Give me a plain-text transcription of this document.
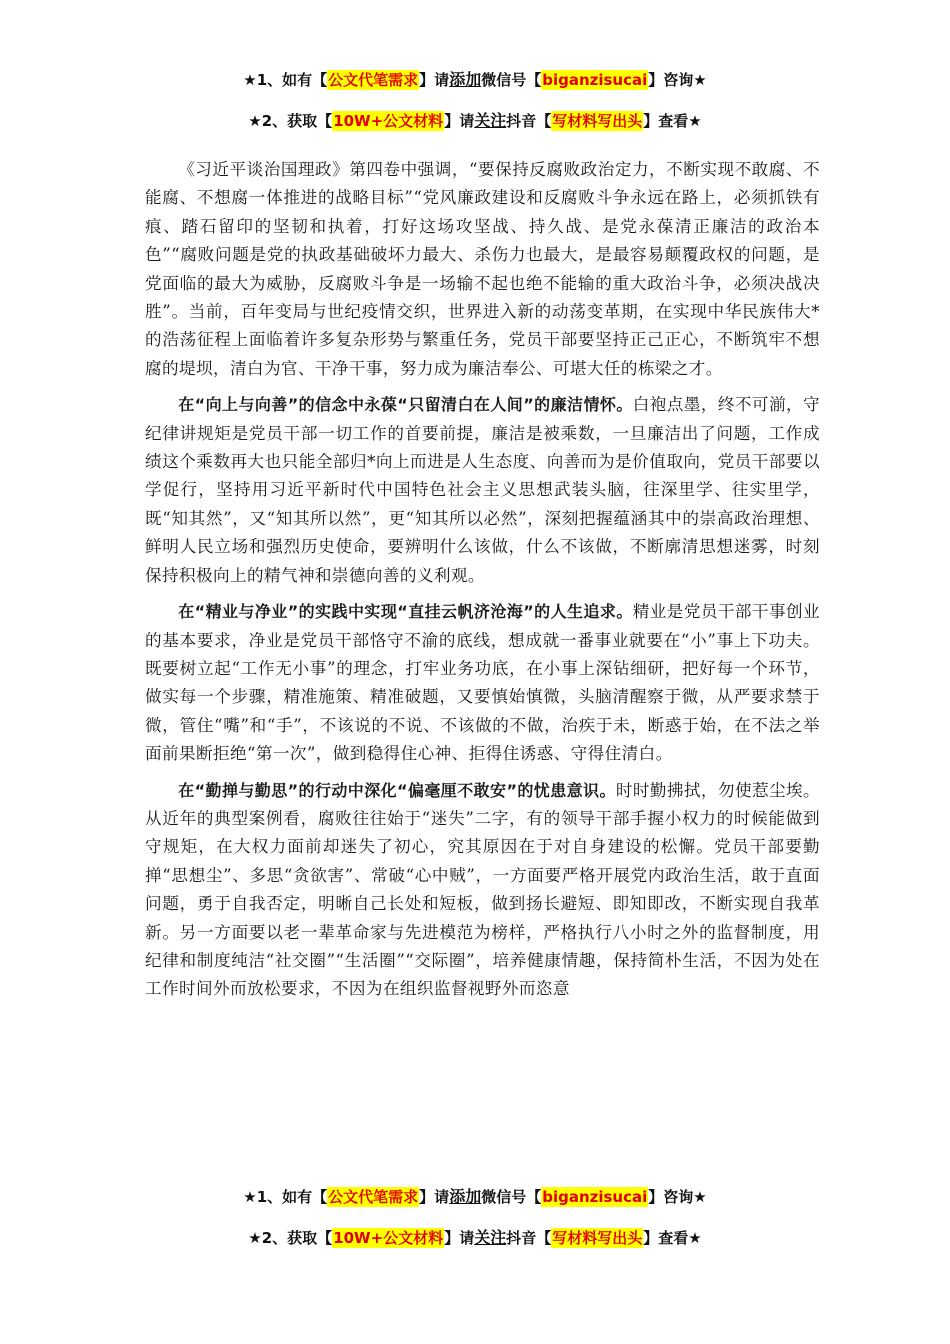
★1、如有【公文代笔需求】请添加微信号【biganzisucai】咨询★
★2、获取【10W+公文材料】请关注抖音【写材料写出头】查看★

《习近平谈治国理政》第四卷中强调，“要保持反腐败政治定力，不断实现不敢腐、不能腐、不想腐一体推进的战略目标”“党风廉政建设和反腐败斗争永远在路上，必须抓铁有痕、踏石留印的坚韧和执着，打好这场攻坚战、持久战、是党永葆清正廉洁的政治本色”“腐败问题是党的执政基础破坏力最大、杀伤力也最大，是最容易颠覆政权的问题，是党面临的最大为威胁，反腐败斗争是一场输不起也绝不能输的重大政治斗争，必须决战决胜”。当前，百年变局与世纪疫情交织，世界进入新的动荡变革期，在实现中华民族伟大*的浩荡征程上面临着许多复杂形势与繁重任务，党员干部要坚持正己正心，不断筑牢不想腐的堤坝，清白为官、干净干事，努力成为廉洁奉公、可堪大任的栋梁之才。

在“向上与向善”的信念中永葆“只留清白在人间”的廉洁情怀。白袍点墨，终不可湔，守纪律讲规矩是党员干部一切工作的首要前提，廉洁是被乘数，一旦廉洁出了问题，工作成绩这个乘数再大也只能全部归*向上而进是人生态度、向善而为是价值取向，党员干部要以学促行，坚持用习近平新时代中国特色社会主义思想武装头脑，往深里学、往实里学，既“知其然”，又“知其所以然”，更“知其所以必然”，深刻把握蕴涵其中的崇高政治理想、鲜明人民立场和强烈历史使命，要辨明什么该做，什么不该做，不断廓清思想迷雾，时刻保持积极向上的精气神和崇德向善的义利观。

在“精业与净业”的实践中实现“直挂云帆济沧海”的人生追求。精业是党员干部干事创业的基本要求，净业是党员干部恪守不渝的底线，想成就一番事业就要在“小”事上下功夫。既要树立起“工作无小事”的理念，打牢业务功底，在小事上深钻细研，把好每一个环节，做实每一个步骤，精准施策、精准破题，又要慎始慎微，头脑清醒察于微，从严要求禁于微，管住“嘴”和“手”，不该说的不说、不该做的不做，治疾于未，断惑于始，在不法之举面前果断拒绝“第一次”，做到稳得住心神、拒得住诱惑、守得住清白。

在“勤掸与勤思”的行动中深化“偏毫厘不敢安”的忧患意识。时时勤拂拭，勿使惹尘埃。从近年的典型案例看，腐败往往始于“迷失”二字，有的领导干部手握小权力的时候能做到守规矩，在大权力面前却迷失了初心，究其原因在于对自身建设的松懈。党员干部要勤掸“思想尘”、多思“贪欲害”、常破“心中贼”，一方面要严格开展党内政治生活，敢于直面问题，勇于自我否定，明晰自己长处和短板，做到扬长避短、即知即改，不断实现自我革新。另一方面要以老一辈革命家与先进模范为榜样，严格执行八小时之外的监督制度，用纪律和制度纯洁“社交圈”“生活圈”“交际圈”，培养健康情趣，保持简朴生活，不因为处在工作时间外而放松要求，不因为在组织监督视野外而恣意

★1、如有【公文代笔需求】请添加微信号【biganzisucai】咨询★
★2、获取【10W+公文材料】请关注抖音【写材料写出头】查看★
